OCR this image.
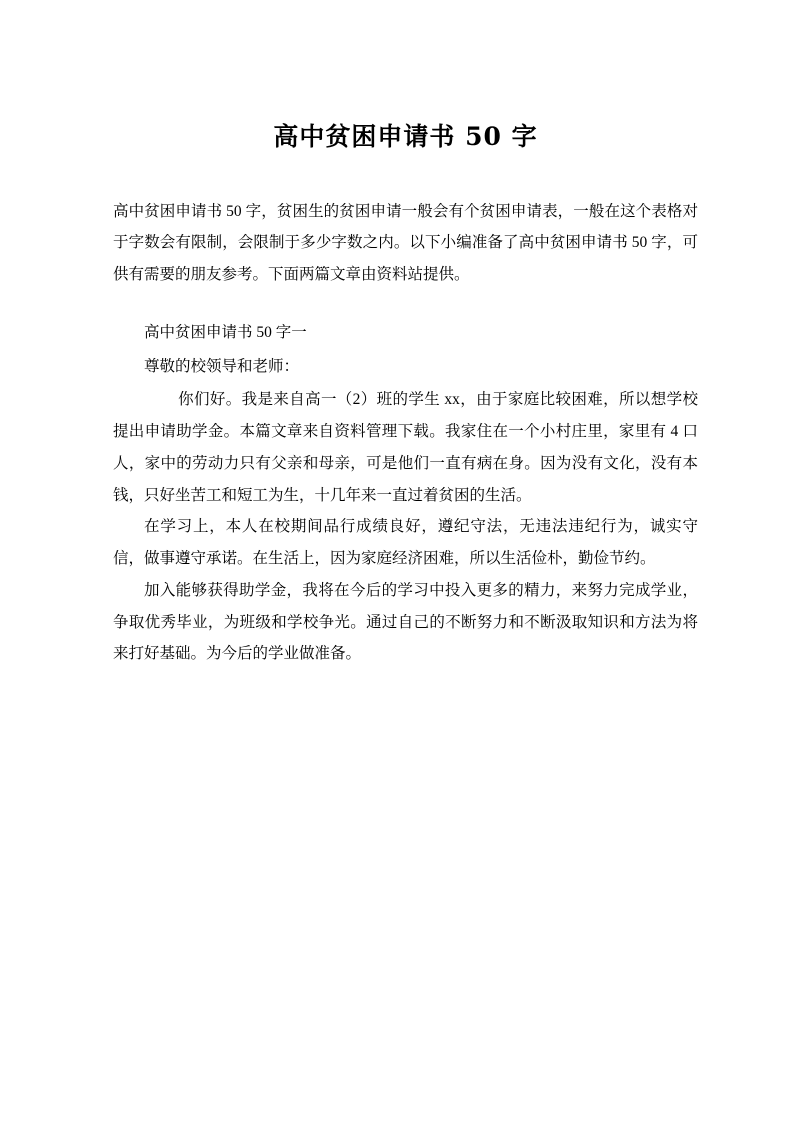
高中贫困申请书 50 字

高中贫困申请书 50 字，贫困生的贫困申请一般会有个贫困申请表，一般在这个表格对于字数会有限制，会限制于多少字数之内。以下小编准备了高中贫困申请书 50 字，可供有需要的朋友参考。下面两篇文章由资料站提供。

高中贫困申请书 50 字一

尊敬的校领导和老师：

你们好。我是来自高一（2）班的学生 xx，由于家庭比较困难，所以想学校提出申请助学金。本篇文章来自资料管理下载。我家住在一个小村庄里，家里有 4 口人，家中的劳动力只有父亲和母亲，可是他们一直有病在身。因为没有文化，没有本钱，只好坐苦工和短工为生，十几年来一直过着贫困的生活。

在学习上，本人在校期间品行成绩良好，遵纪守法，无违法违纪行为，诚实守信，做事遵守承诺。在生活上，因为家庭经济困难，所以生活俭朴，勤俭节约。

加入能够获得助学金，我将在今后的学习中投入更多的精力，来努力完成学业，争取优秀毕业，为班级和学校争光。通过自己的不断努力和不断汲取知识和方法为将来打好基础。为今后的学业做准备。
